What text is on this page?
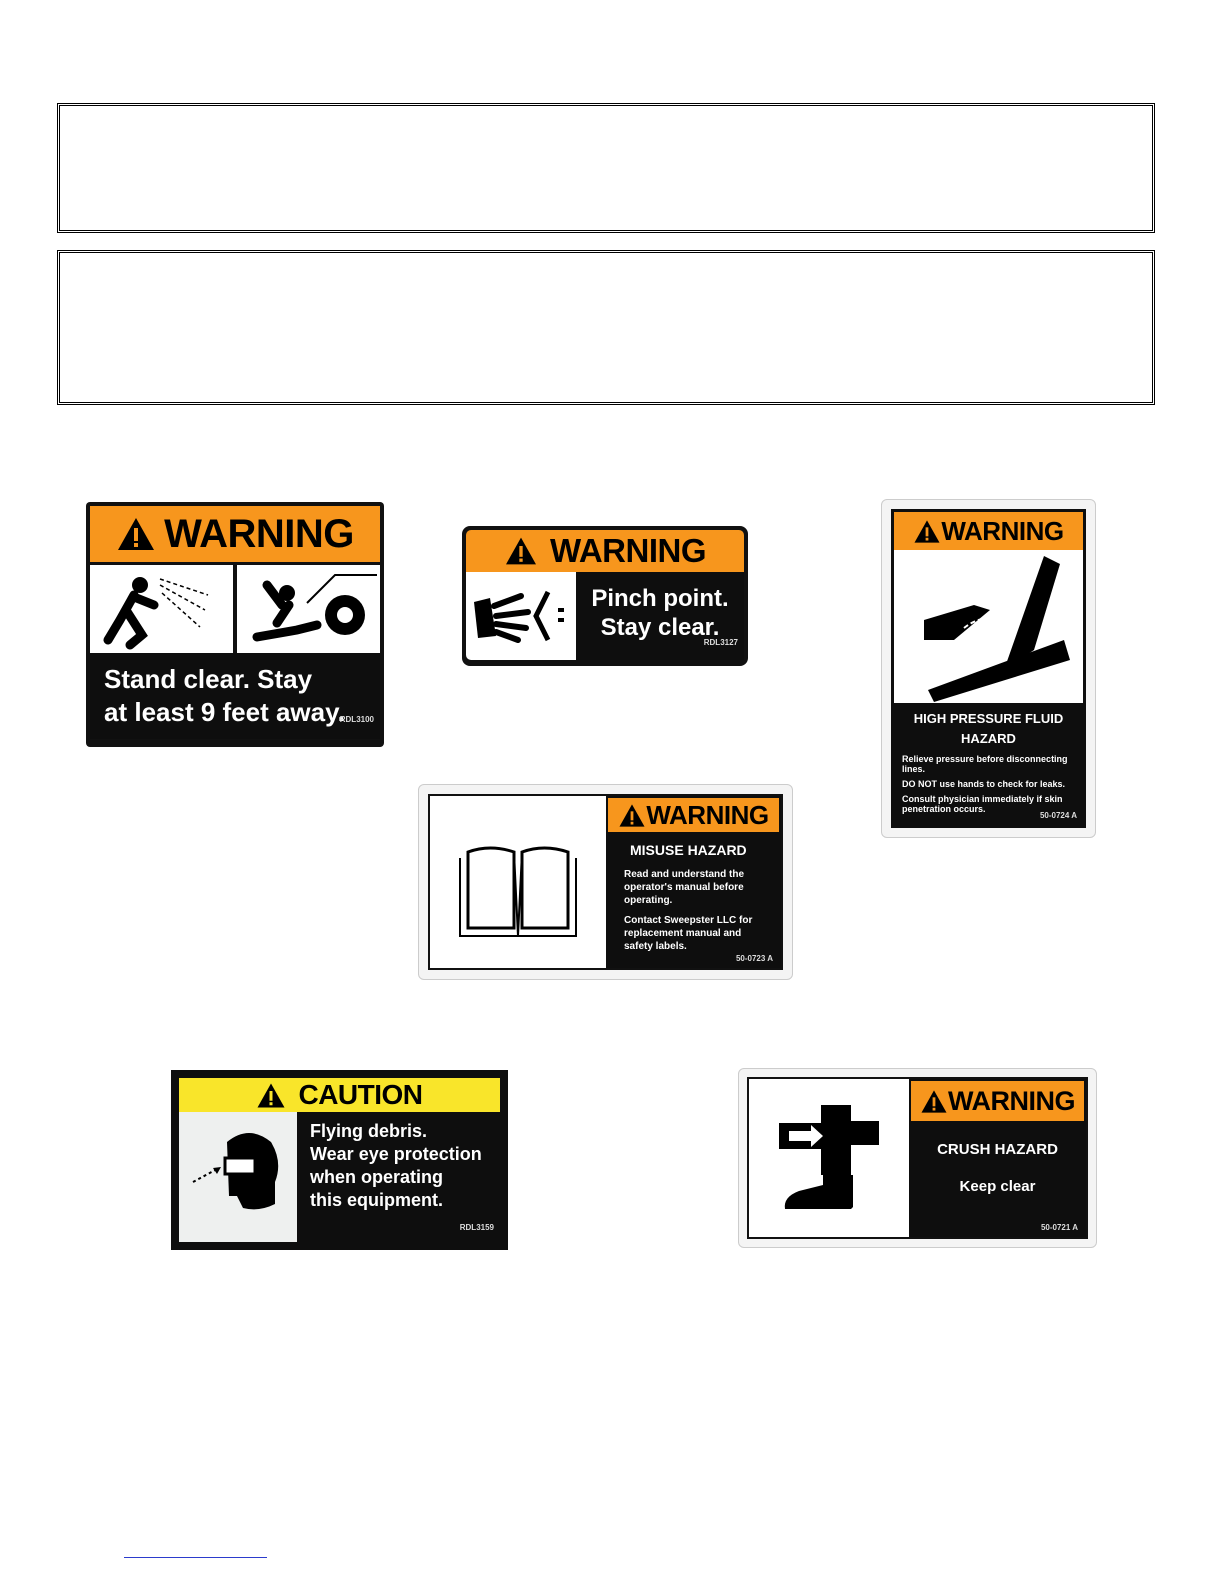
WARNING
Stand clear. Stay
at least 9 feet away.
RDL3100
WARNING
Pinch point.
Stay clear.
RDL3127
WARNING
HIGH PRESSURE FLUID
HAZARD
Relieve pressure before disconnecting lines.
DO NOT use hands to check for leaks.
Consult physician immediately if skin penetration occurs.
50-0724 A
WARNING
MISUSE HAZARD
Read and understand the operator's manual before operating.
Contact Sweepster LLC for replacement manual and safety labels.
50-0723 A
CAUTION
Flying debris.
Wear eye protection
when operating
this equipment.
RDL3159
WARNING
CRUSH HAZARD
Keep clear
50-0721 A
